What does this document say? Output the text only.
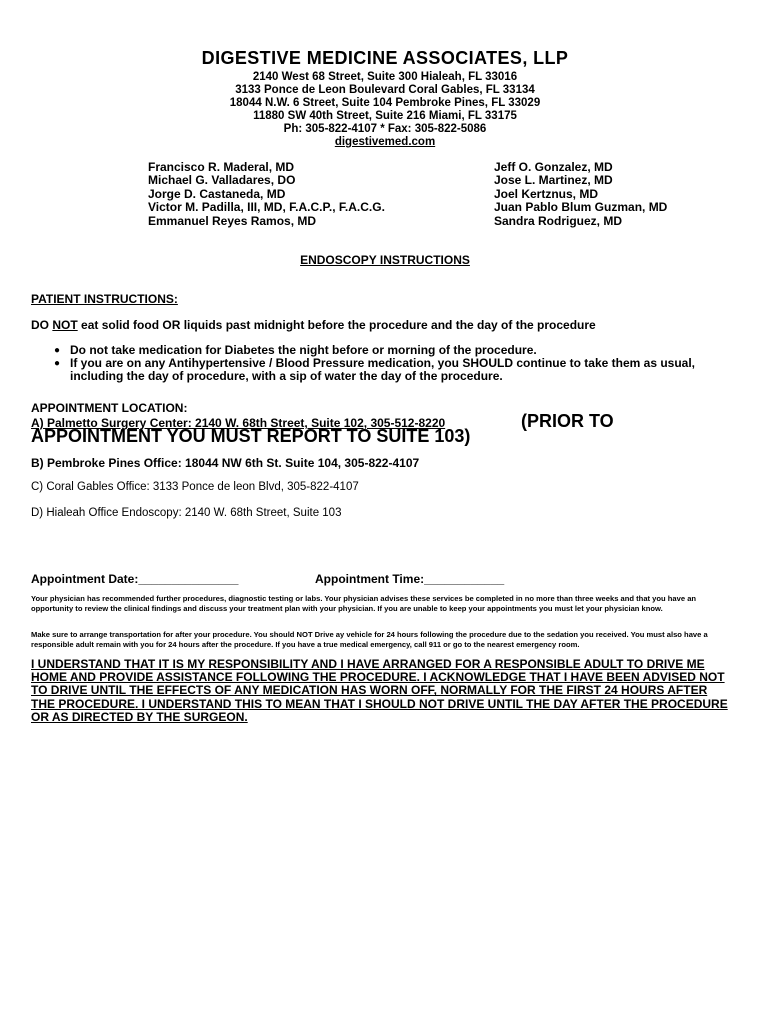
DIGESTIVE MEDICINE ASSOCIATES, LLP
2140 West 68 Street, Suite 300 Hialeah, FL 33016
3133 Ponce de Leon Boulevard Coral Gables, FL 33134
18044 N.W. 6 Street, Suite 104 Pembroke Pines, FL 33029
11880 SW 40th Street, Suite 216 Miami, FL 33175
Ph: 305-822-4107 * Fax: 305-822-5086
digestivemed.com
Francisco R. Maderal, MD
Michael G. Valladares, DO
Jorge D. Castaneda, MD
Victor M. Padilla, III, MD, F.A.C.P., F.A.C.G.
Emmanuel Reyes Ramos, MD
Jeff O. Gonzalez, MD
Jose L. Martinez, MD
Joel Kertznus, MD
Juan Pablo Blum Guzman, MD
Sandra Rodriguez, MD
ENDOSCOPY INSTRUCTIONS
PATIENT INSTRUCTIONS:
DO NOT eat solid food OR liquids past midnight before the procedure and the day of the procedure
● Do not take medication for Diabetes the night before or morning of the procedure.
● If you are on any Antihypertensive / Blood Pressure medication, you SHOULD continue to take them as usual, including the day of procedure, with a sip of water the day of the procedure.
APPOINTMENT LOCATION:
A) Palmetto Surgery Center: 2140 W. 68th Street, Suite 102, 305-512-8220	(PRIOR TO
APPOINTMENT YOU MUST REPORT TO SUITE 103)
B) Pembroke Pines Office: 18044 NW 6th St. Suite 104, 305-822-4107
C) Coral Gables Office: 3133 Ponce de leon Blvd, 305-822-4107
D) Hialeah Office Endoscopy: 2140 W. 68th Street, Suite 103
Appointment Date:_______________	Appointment Time:____________
Your physician has recommended further procedures, diagnostic testing or labs. Your physician advises these services be completed in no more than three weeks and that you have an opportunity to review the clinical findings and discuss your treatment plan with your physician. If you are unable to keep your appointments you must let your physician know.
Make sure to arrange transportation for after your procedure. You should NOT Drive ay vehicle for 24 hours following the procedure due to the sedation you received. You must also have a responsible adult remain with you for 24 hours after the procedure. If you have a true medical emergency, call 911 or go to the nearest emergency room.
I UNDERSTAND THAT IT IS MY RESPONSIBILITY AND I HAVE ARRANGED FOR A RESPONSIBLE ADULT TO DRIVE ME HOME AND PROVIDE ASSISTANCE FOLLOWING THE PROCEDURE. I ACKNOWLEDGE THAT I HAVE BEEN ADVISED NOT TO DRIVE UNTIL THE EFFECTS OF ANY MEDICATION HAS WORN OFF, NORMALLY FOR THE FIRST 24 HOURS AFTER THE PROCEDURE. I UNDERSTAND THIS TO MEAN THAT I SHOULD NOT DRIVE UNTIL THE DAY AFTER THE PROCEDURE OR AS DIRECTED BY THE SURGEON.
